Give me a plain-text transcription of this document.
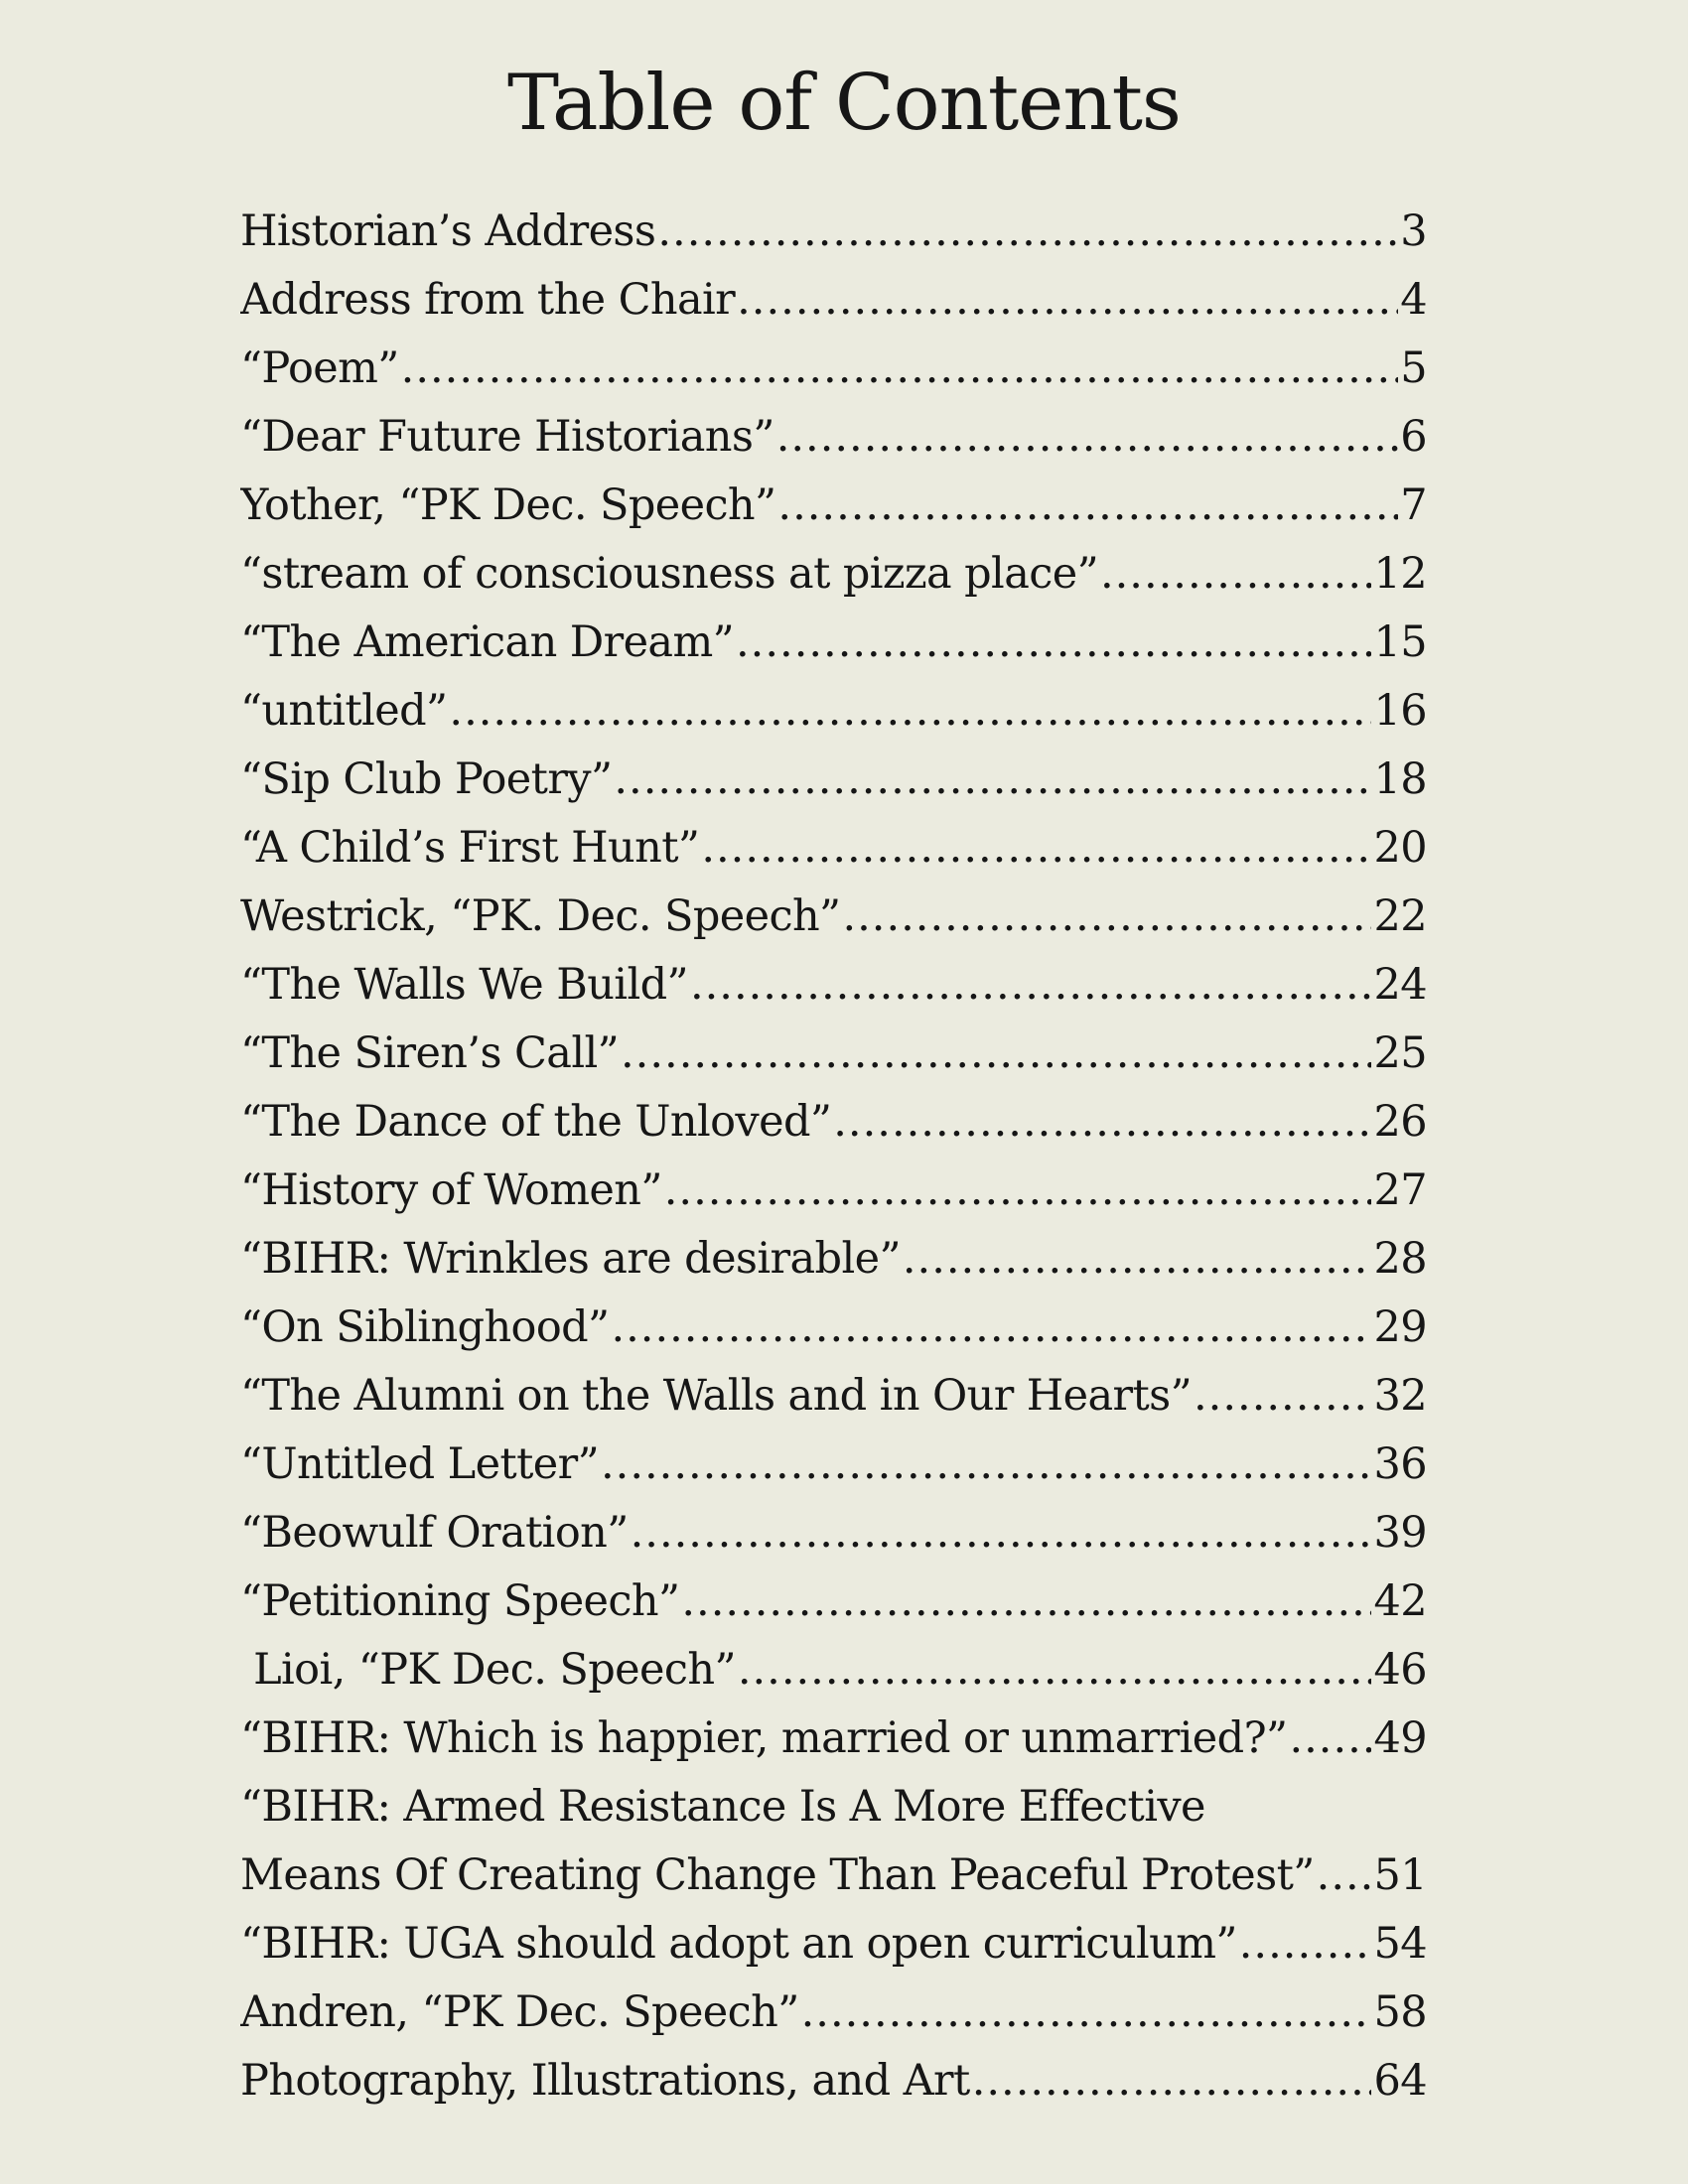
Table of Contents
Historian’s Address .....	3
Address from the Chair .....	4
“Poem” .....	5
“Dear Future Historians” .....	6
Yother, “PK Dec. Speech” .....	7
“stream of consciousness at pizza place” .....	12
“The American Dream” .....	15
“untitled” .....	16
“Sip Club Poetry” .....	18
“A Child’s First Hunt” .....	20
Westrick, “PK. Dec. Speech” .....	22
“The Walls We Build” .....	24
“The Siren’s Call” .....	25
“The Dance of the Unloved” .....	26
“History of Women” .....	27
“BIHR: Wrinkles are desirable” .....	28
“On Siblinghood” .....	29
“The Alumni on the Walls and in Our Hearts” .....	32
“Untitled Letter” .....	36
“Beowulf Oration” .....	39
“Petitioning Speech” .....	42
Lioi, “PK Dec. Speech” .....	46
“BIHR: Which is happier, married or unmarried?” ..... 49
“BIHR: Armed Resistance Is A More Effective
Means Of Creating Change Than Peaceful Protest” ..... 51
“BIHR: UGA should adopt an open curriculum” .....	54
Andren, “PK Dec. Speech” .....	58
Photography, Illustrations, and Art .....	64
